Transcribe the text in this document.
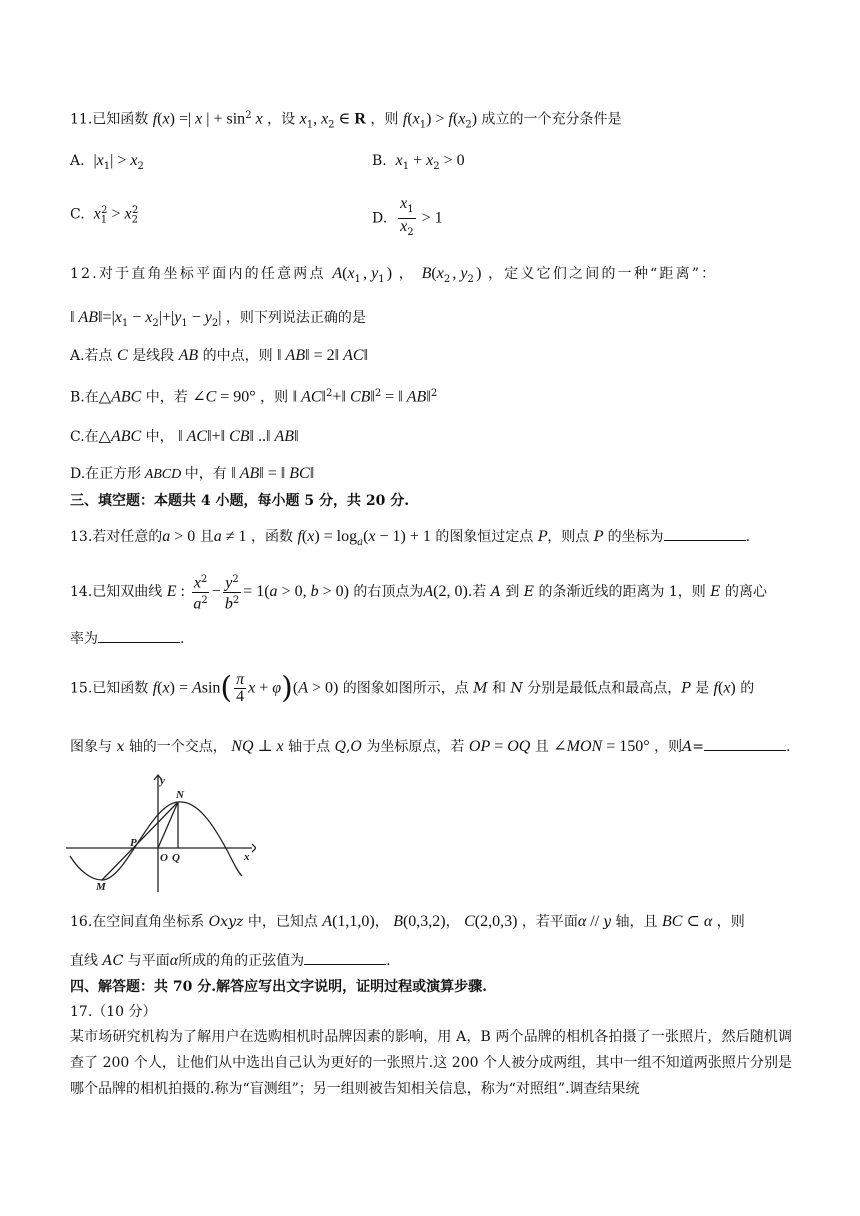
11.已知函数 f(x) =| x | + $\sin^2 x$ ，设 $x_1$, $x_2$ ∈ R ，则 $f(x_1) > f(x_2)$ 成立的一个充分条件是
A. $|x_1| > x_2$	B. $x_1 + x_2 > 0$
C. $x_1^2 > x_2^2$	D. $\frac{x_1}{x_2} > 1$
12.对于直角坐标平面内的任意两点 $A(x_1$, $y_1$) ， $B(x_2$, $y_2$) ，定义它们之间的一种“距离”：
‖ $AB‖=|x_1 - x_2|+|y_1 - y_2|$ ，则下列说法正确的是
A.若点 C 是线段 AB 的中点，则 ‖ AB‖ = 2‖ AC‖
B.在△ABC 中，若 ∠C = 90° ，则 ‖ AC‖$^2$+‖ CB‖$^2$ = ‖ AB‖$^2$
C.在△ABC 中， ‖ AC‖+‖ CB‖ ..‖ AB‖
D.在正方形 ABCD 中，有 ‖ AB‖ = ‖ BC‖
三、填空题：本题共 4 小题，每小题 5 分，共 20 分.
13.若对任意的a > 0 且a ≠ 1 ，函数 $f(x) = \log_a(x - 1) + 1$ 的图象恒过定点 P，则点 P 的坐标为	.
14.已知双曲线 E : $\frac{x^2}{a^2} - \frac{y^2}{b^2} = 1(a > 0$, b > 0) 的右顶点为A(2, 0).若 A 到 E 的条渐近线的距离为 1，则 E 的离心
率为	.
15.已知函数 $f(x) = Asin( \frac{\pi}{4}$ x + φ)(A > 0) 的图象如图所示，点 M 和 N 分别是最低点和最高点，P 是 f(x) 的
图象与 x 轴的一个交点， NQ ⊥ x 轴于点 Q,O 为坐标原点，若 OP = OQ 且 ∠MON = 150° ，则A=	.
y
x
N
P
O Q
M
16.在空间直角坐标系 Oxyz 中，已知点 A(1,1,0)， B(0,3,2)， C(2,0,3) ，若平面α // y 轴，且 BC ⊂ α ，则
直线 AC 与平面α所成的角的正弦值为	.
四、解答题：共 70 分.解答应写出文字说明，证明过程或演算步骤.
17.（10 分）
某市场研究机构为了解用户在选购相机时品牌因素的影响，用 A，B 两个品牌的相机各拍摄了一张照片，然后随机调查了 200 个人，让他们从中选出自己认为更好的一张照片.这 200 个人被分成两组，其中一组不知道两张照片分别是哪个品牌的相机拍摄的.称为“盲测组”；另一组则被告知相关信息，称为“对照组”.调查结果统
